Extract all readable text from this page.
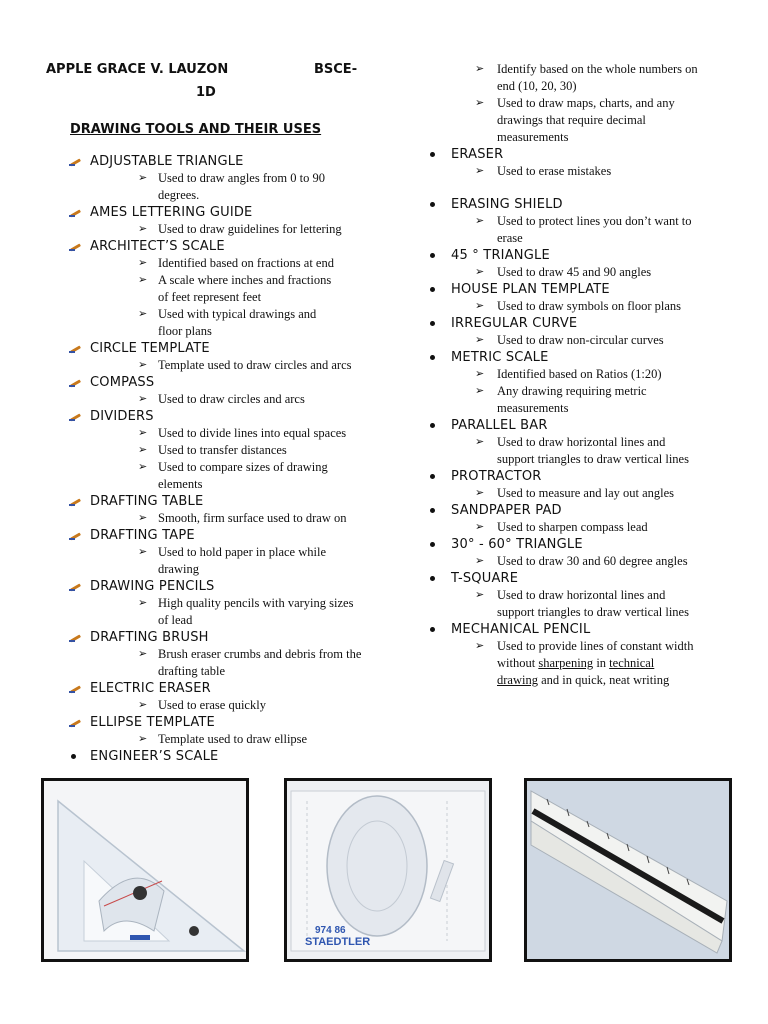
APPLE GRACE V. LAUZON	BSCE-
1D
DRAWING TOOLS AND THEIR USES
ADJUSTABLE TRIANGLE
➢ Used to draw angles from 0 to 90
degrees.
AMES LETTERING GUIDE
➢ Used to draw guidelines for lettering
ARCHITECT’S SCALE
➢ Identified based on fractions at end
➢ A scale where inches and fractions
of feet represent feet
➢ Used with typical drawings and
floor plans
CIRCLE TEMPLATE
➢ Template used to draw circles and arcs
COMPASS
➢ Used to draw circles and arcs
DIVIDERS
➢ Used to divide lines into equal spaces
➢ Used to transfer distances
➢ Used to compare sizes of drawing
elements
DRAFTING TABLE
➢ Smooth, firm surface used to draw on
DRAFTING TAPE
➢ Used to hold paper in place while
drawing
DRAWING PENCILS
➢ High quality pencils with varying sizes
of lead
DRAFTING BRUSH
➢ Brush eraser crumbs and debris from the
drafting table
ELECTRIC ERASER
➢ Used to erase quickly
ELLIPSE TEMPLATE
➢ Template used to draw ellipse
ENGINEER’S SCALE
➢ Identify based on the whole numbers on
end (10, 20, 30)
➢ Used to draw maps, charts, and any
drawings that require decimal
measurements
ERASER
➢ Used to erase mistakes
ERASING SHIELD
➢ Used to protect lines you don’t want to
erase
45 ° TRIANGLE
➢ Used to draw 45 and 90 angles
HOUSE PLAN TEMPLATE
➢ Used to draw symbols on floor plans
IRREGULAR CURVE
➢ Used to draw non-circular curves
METRIC SCALE
➢ Identified based on Ratios (1:20)
➢ Any drawing requiring metric
measurements
PARALLEL BAR
➢ Used to draw horizontal lines and
support triangles to draw vertical lines
PROTRACTOR
➢ Used to measure and lay out angles
SANDPAPER PAD
➢ Used to sharpen compass lead
30° - 60° TRIANGLE
➢ Used to draw 30 and 60 degree angles
T-SQUARE
➢ Used to draw horizontal lines and
support triangles to draw vertical lines
MECHANICAL PENCIL
➢ Used to provide lines of constant width
without sharpening in technical
drawing and in quick, neat writing
974 86
STAEDTLER
